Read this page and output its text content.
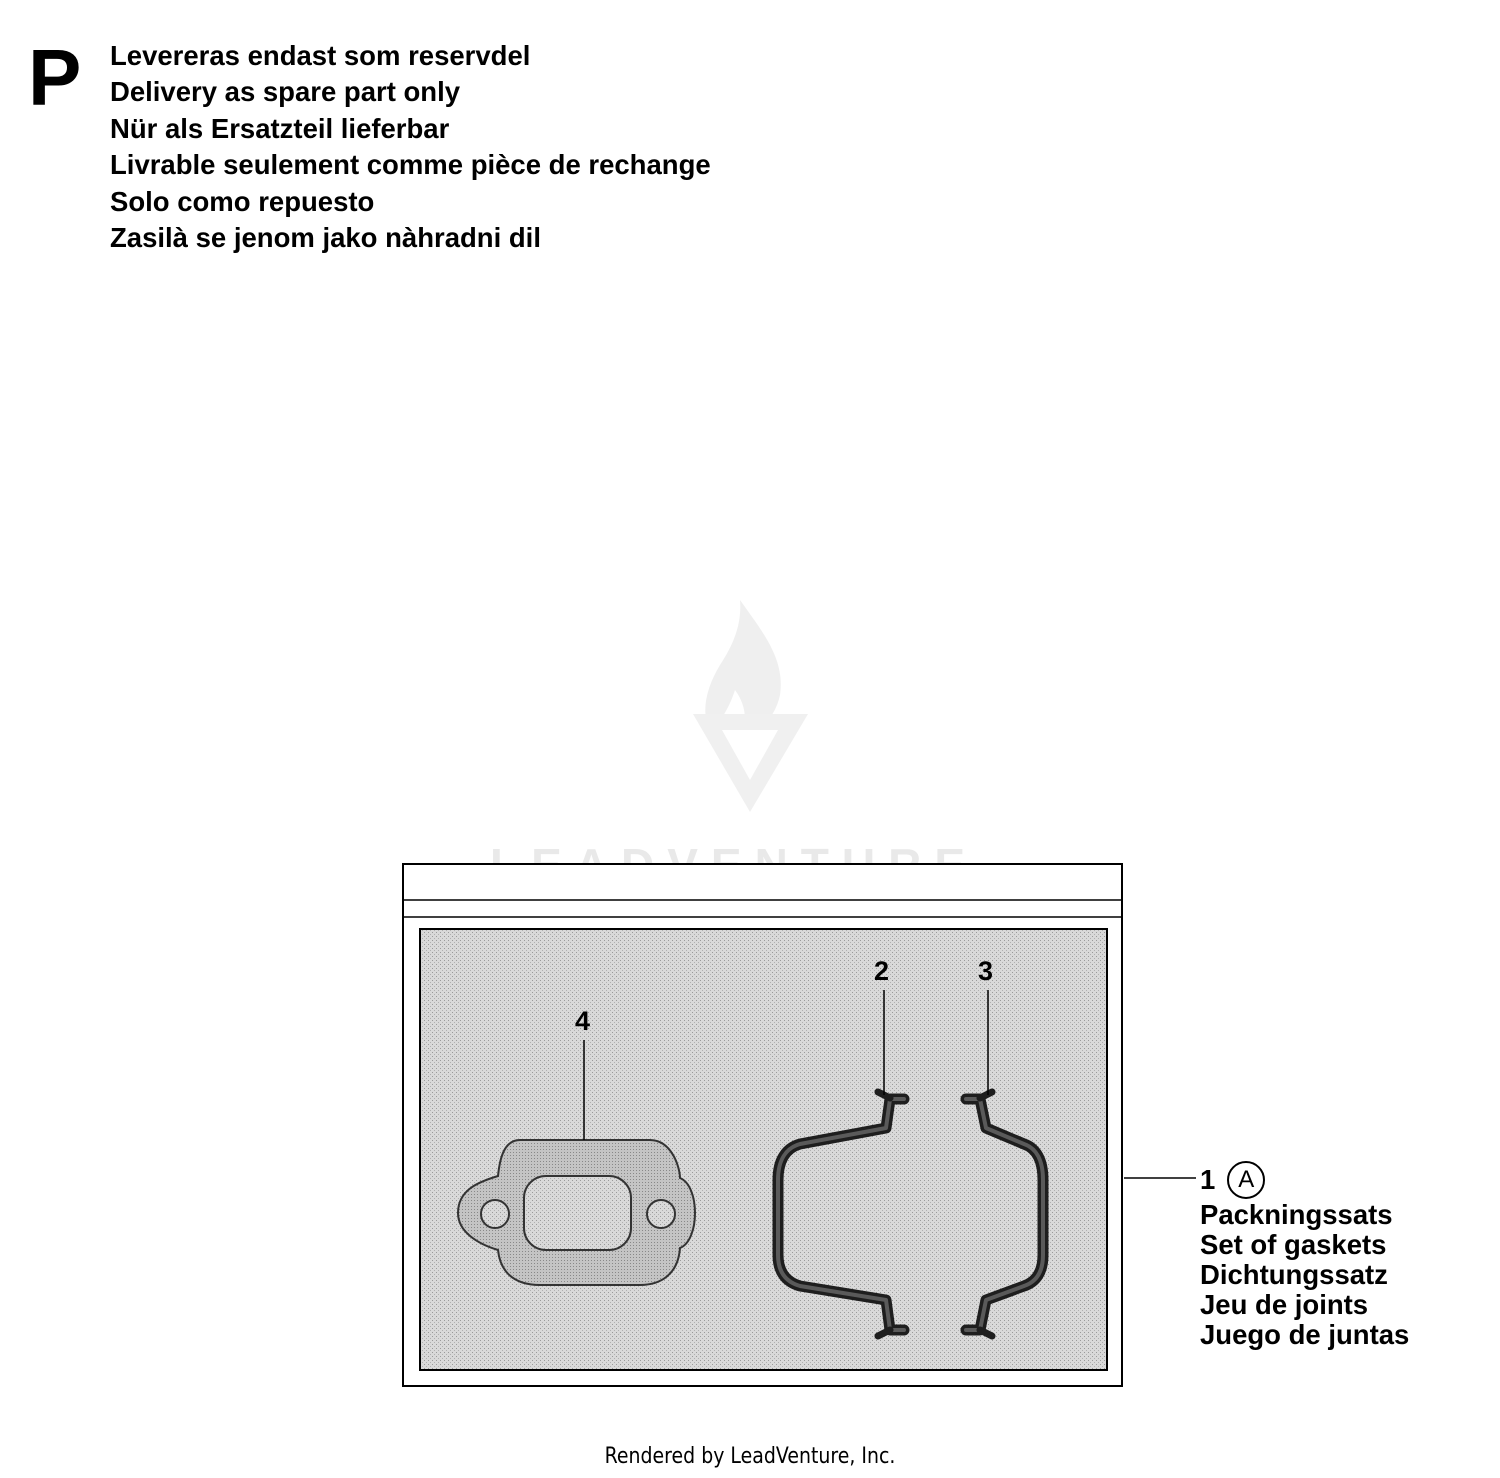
P Levereras endast som reservdel
Delivery as spare part only
Nür als Ersatzteil lieferbar
Livrable seulement comme pièce de rechange
Solo como repuesto
Zasilà se jenom jako nàhradni dil
2	3
4
1 A
Packningssats
Set of gaskets
Dichtungssatz
Jeu de joints
Juego de juntas
Rendered by LeadVenture, Inc.
